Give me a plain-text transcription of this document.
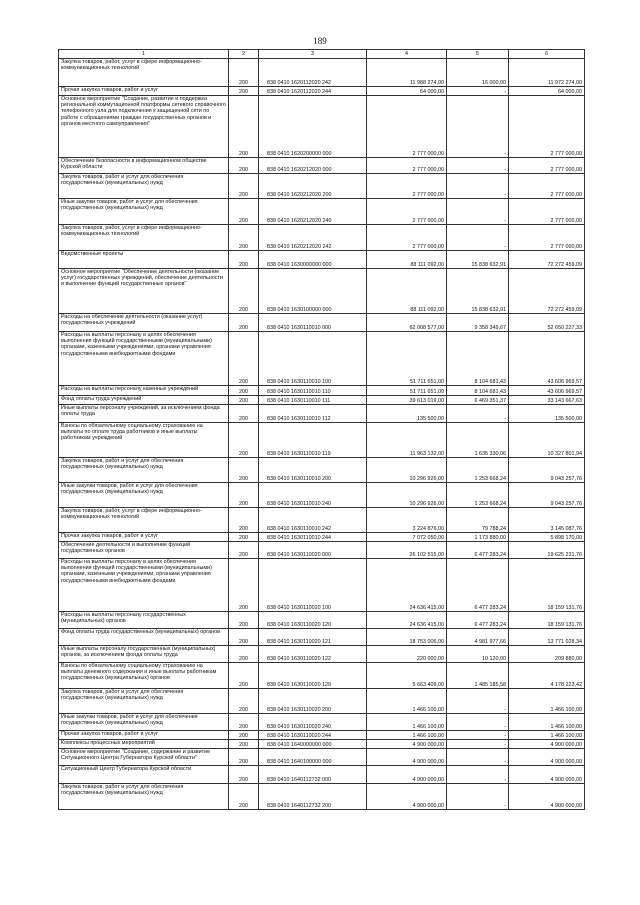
189
1	2	3	4	5	6
Закупка товаров, работ, услуг в сфере информационно-коммуникационных технологий	200	838 0410 1620112020 242	11 988 274,00	16 000,00	11 972 274,00
Прочая закупка товаров, работ и услуг	200	838 0410 1620112020 244	64 000,00	-	64 000,00
Основное мероприятие "Создание, развитие и поддержка региональной коммутационной платформы сетевого справочного телефонного узла для подключения к защищенной сети по работе с обращениями граждан государственных органов и органов местного самоуправления"	200	838 0410 1620200000 000	2 777 000,00	-	2 777 000,00
Обеспечение безопасности в информационном обществе Курской области	200	838 0410 1620212020 000	2 777 000,00	-	2 777 000,00
Закупка товаров, работ и услуг для обеспечения государственных (муниципальных) нужд	200	838 0410 1620212020 200	2 777 000,00	-	2 777 000,00
Иные закупки товаров, работ и услуг для обеспечения государственных (муниципальных) нужд	200	838 0410 1620212020 240	2 777 000,00	-	2 777 000,00
Закупка товаров, работ, услуг в сфере информационно-коммуникационных технологий	200	838 0410 1620212020 242	2 777 000,00	-	2 777 000,00
Ведомственные проекты	200	838 0410 1630000000 000	88 111 092,00	15 838 632,91	72 272 459,09
Основное мероприятие "Обеспечение деятельности (оказание услуг) государственных учреждений, обеспечение деятельности и выполнение функций государственных органов"	200	838 0410 1630100000 000	88 111 092,00	15 838 632,91	72 272 459,09
Расходы на обеспечение деятельности (оказание услуг) государственных учреждений	200	838 0410 1630110010 000	62 008 577,00	9 358 349,67	52 650 227,33
Расходы на выплаты персоналу в целях обеспечения выполнения функций государственными (муниципальными) органами, казенными учреждениями, органами управления государственными внебюджетными фондами	200	838 0410 1630110010 100	51 711 651,00	8 104 681,43	43 606 969,57
Расходы на выплаты персоналу казенных учреждений	200	838 0410 1630110010 110	51 711 651,00	8 104 681,43	43 606 969,57
Фонд оплаты труда учреждений	200	838 0410 1630110010 111	39 613 019,00	6 469 351,37	33 143 667,63
Иные выплаты персоналу учреждений, за исключением фонда оплаты труда	200	838 0410 1630110010 112	135 500,00	-	135 500,00
Взносы по обязательному социальному страхованию на выплаты по оплате труда работников и иные выплаты работникам учреждений	200	838 0410 1630110010 119	11 963 132,00	1 635 330,06	10 327 801,94
Закупка товаров, работ и услуг для обеспечения государственных (муниципальных) нужд	200	838 0410 1630110010 200	10 296 926,00	1 253 668,24	9 043 257,76
Иные закупки товаров, работ и услуг для обеспечения государственных (муниципальных) нужд	200	838 0410 1630110010 240	10 296 926,00	1 253 668,24	9 043 257,76
Закупка товаров, работ, услуг в сфере информационно-коммуникационных технологий	200	838 0410 1630110010 242	3 224 876,00	79 788,24	3 145 087,76
Прочая закупка товаров, работ и услуг	200	838 0410 1630110010 244	7 072 050,00	1 173 880,00	5 898 170,00
Обеспечение деятельности и выполнение функций государственных органов	200	838 0410 1630110020 000	26 102 515,00	6 477 283,24	19 625 231,76
Расходы на выплаты персоналу в целях обеспечения выполнения функций государственными (муниципальными) органами, казенными учреждениями, органами управления государственными внебюджетными фондами	200	838 0410 1630110020 100	24 636 415,00	6 477 283,24	18 159 131,76
Расходы на выплаты персоналу государственных (муниципальных) органов	200	838 0410 1630110020 120	24 636 415,00	6 477 283,24	18 159 131,76
Фонд оплаты труда государственных (муниципальных) органов	200	838 0410 1630110020 121	18 753 006,00	4 981 977,66	13 771 028,34
Иные выплаты персоналу государственных (муниципальных) органов, за исключением фонда оплаты труда	200	838 0410 1630110020 122	220 000,00	10 120,00	209 880,00
Взносы по обязательному социальному страхованию на выплаты денежного содержания и иные выплаты работникам государственных (муниципальных) органов	200	838 0410 1630110020 129	5 663 409,00	1 485 185,58	4 178 223,42
Закупка товаров, работ и услуг для обеспечения государственных (муниципальных) нужд	200	838 0410 1630110020 200	1 466 100,00	-	1 466 100,00
Иные закупки товаров, работ и услуг для обеспечения государственных (муниципальных) нужд	200	838 0410 1630110020 240	1 466 100,00	-	1 466 100,00
Прочая закупка товаров, работ и услуг	200	838 0410 1630110020 244	1 466 100,00	-	1 466 100,00
Комплексы процессных мероприятий	200	838 0410 1640000000 000	4 900 000,00	-	4 900 000,00
Основное мероприятие "Создание, содержание и развитие Ситуационного Центра Губернатора Курской области"	200	838 0410 1640100000 000	4 900 000,00	-	4 900 000,00
Ситуационный Центр Губернатора Курской области	200	838 0410 1640112732 000	4 900 000,00	-	4 900 000,00
Закупка товаров, работ и услуг для обеспечения государственных (муниципальных) нужд	200	838 0410 1640112732 200	4 900 000,00	-	4 900 000,00
